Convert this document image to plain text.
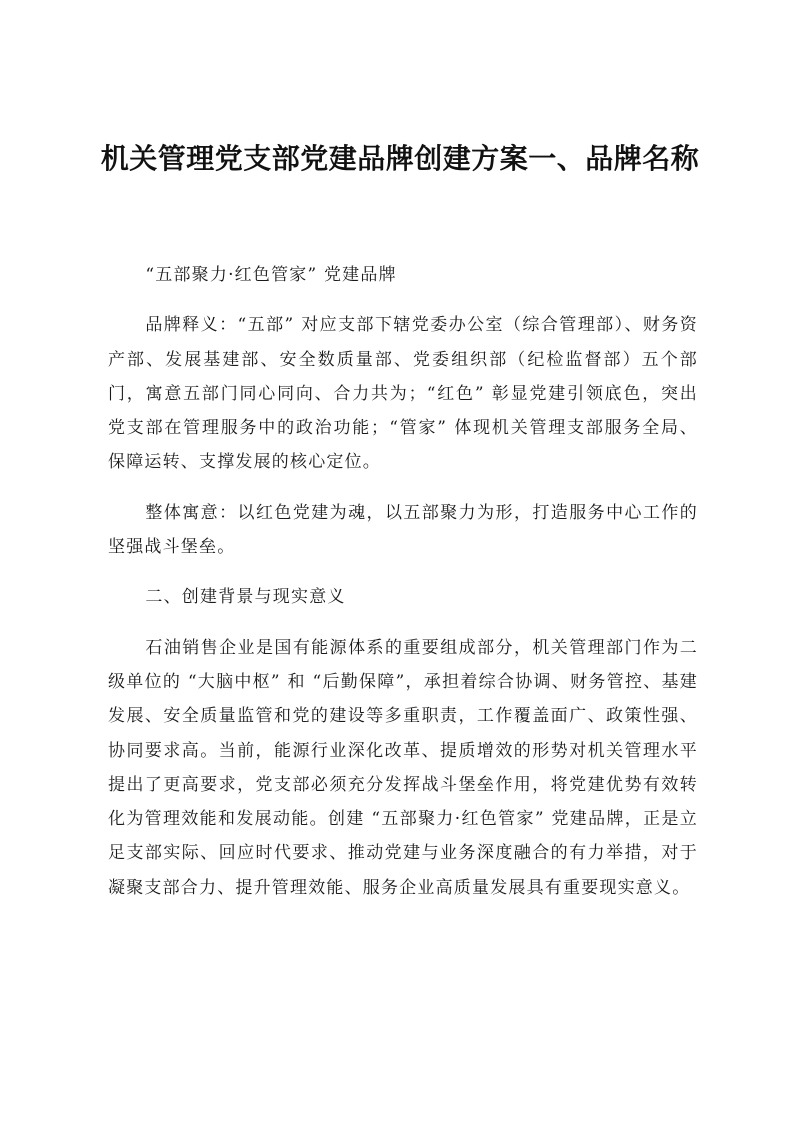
机关管理党支部党建品牌创建方案一、品牌名称

“五部聚力·红色管家” 党建品牌

品牌释义：“五部” 对应支部下辖党委办公室（综合管理部）、财务资产部、发展基建部、安全数质量部、党委组织部（纪检监督部）五个部门，寓意五部门同心同向、合力共为；“红色” 彰显党建引领底色，突出党支部在管理服务中的政治功能；“管家” 体现机关管理支部服务全局、保障运转、支撑发展的核心定位。

整体寓意：以红色党建为魂，以五部聚力为形，打造服务中心工作的坚强战斗堡垒。

二、创建背景与现实意义

石油销售企业是国有能源体系的重要组成部分，机关管理部门作为二级单位的 “大脑中枢” 和 “后勤保障”，承担着综合协调、财务管控、基建发展、安全质量监管和党的建设等多重职责，工作覆盖面广、政策性强、协同要求高。当前，能源行业深化改革、提质增效的形势对机关管理水平提出了更高要求，党支部必须充分发挥战斗堡垒作用，将党建优势有效转化为管理效能和发展动能。创建 “五部聚力·红色管家” 党建品牌，正是立足支部实际、回应时代要求、推动党建与业务深度融合的有力举措，对于凝聚支部合力、提升管理效能、服务企业高质量发展具有重要现实意义。
